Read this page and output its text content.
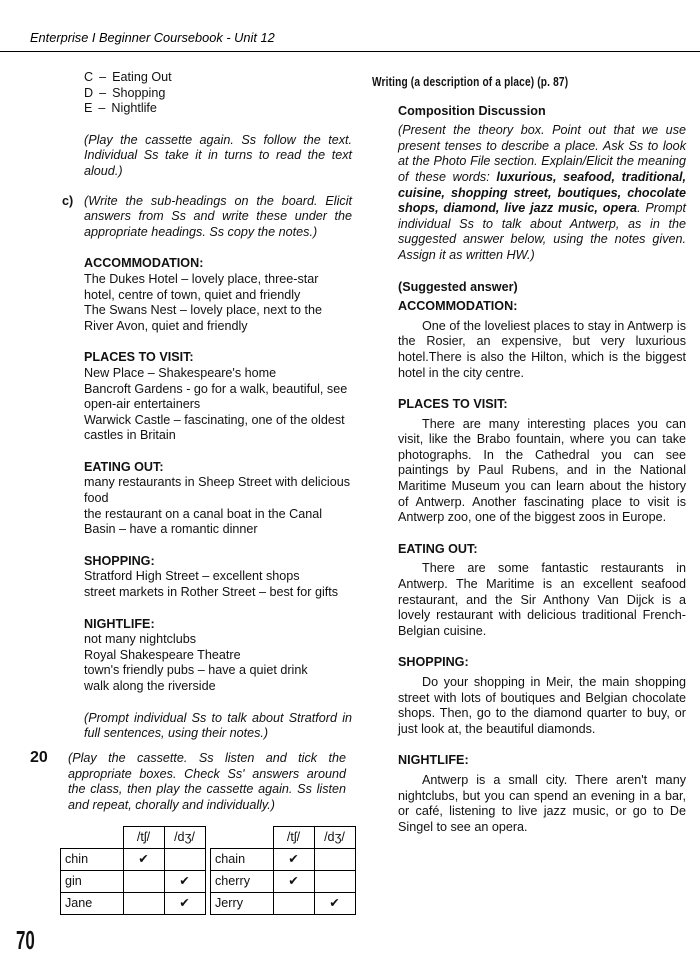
Enterprise I Beginner Coursebook - Unit 12
C – Eating Out
D – Shopping
E – Nightlife

(Play the cassette again. Ss follow the text. Individual Ss take it in turns to read the text aloud.)

c) (Write the sub-headings on the board. Elicit answers from Ss and write these under the appropriate headings. Ss copy the notes.)

ACCOMMODATION:

The Dukes Hotel – lovely place, three-star hotel, centre of town, quiet and friendly

The Swans Nest – lovely place, next to the River Avon, quiet and friendly

PLACES TO VISIT:

New Place – Shakespeare's home

Bancroft Gardens - go for a walk, beautiful, see open-air entertainers

Warwick Castle – fascinating, one of the oldest castles in Britain

EATING OUT:

many restaurants in Sheep Street with delicious food

the restaurant on a canal boat in the Canal Basin – have a romantic dinner

SHOPPING:

Stratford High Street – excellent shops

street markets in Rother Street – best for gifts

NIGHTLIFE:

not many nightclubs

Royal Shakespeare Theatre

town's friendly pubs – have a quiet drink

walk along the riverside

(Prompt individual Ss to talk about Stratford in full sentences, using their notes.)

20 (Play the cassette. Ss listen and tick the appropriate boxes. Check Ss' answers around the class, then play the cassette again. Ss listen and repeat, chorally and individually.)

	/tʃ/	/dʒ/
chin	✔	
gin		✔
Jane		✔
	/tʃ/	/dʒ/
chain	✔	
cherry	✔	
Jerry		✔
Writing (a description of a place) (p. 87)

Composition Discussion

(Present the theory box. Point out that we use present tenses to describe a place. Ask Ss to look at the Photo File section. Explain/Elicit the meaning of these words: luxurious, seafood, traditional, cuisine, shopping street, boutiques, chocolate shops, diamond, live jazz music, opera. Prompt individual Ss to talk about Antwerp, as in the suggested answer below, using the notes given. Assign it as written HW.)

(Suggested answer)

ACCOMMODATION:

One of the loveliest places to stay in Antwerp is the Rosier, an expensive, but very luxurious hotel.There is also the Hilton, which is the biggest hotel in the city centre.

PLACES TO VISIT:

There are many interesting places you can visit, like the Brabo fountain, where you can take photographs. In the Cathedral you can see paintings by Paul Rubens, and in the National Maritime Museum you can learn about the history of Antwerp. Another fascinating place to visit is Antwerp zoo, one of the biggest zoos in Europe.

EATING OUT:

There are some fantastic restaurants in Antwerp. The Maritime is an excellent seafood restaurant, and the Sir Anthony Van Dijck is a lovely restaurant with delicious traditional French-Belgian cuisine.

SHOPPING:

Do your shopping in Meir, the main shopping street with lots of boutiques and Belgian chocolate shops. Then, go to the diamond quarter to buy, or just look at, the beautiful diamonds.

NIGHTLIFE:

Antwerp is a small city. There aren't many nightclubs, but you can spend an evening in a bar, or café, listening to live jazz music, or go to De Singel to see an opera.

70
